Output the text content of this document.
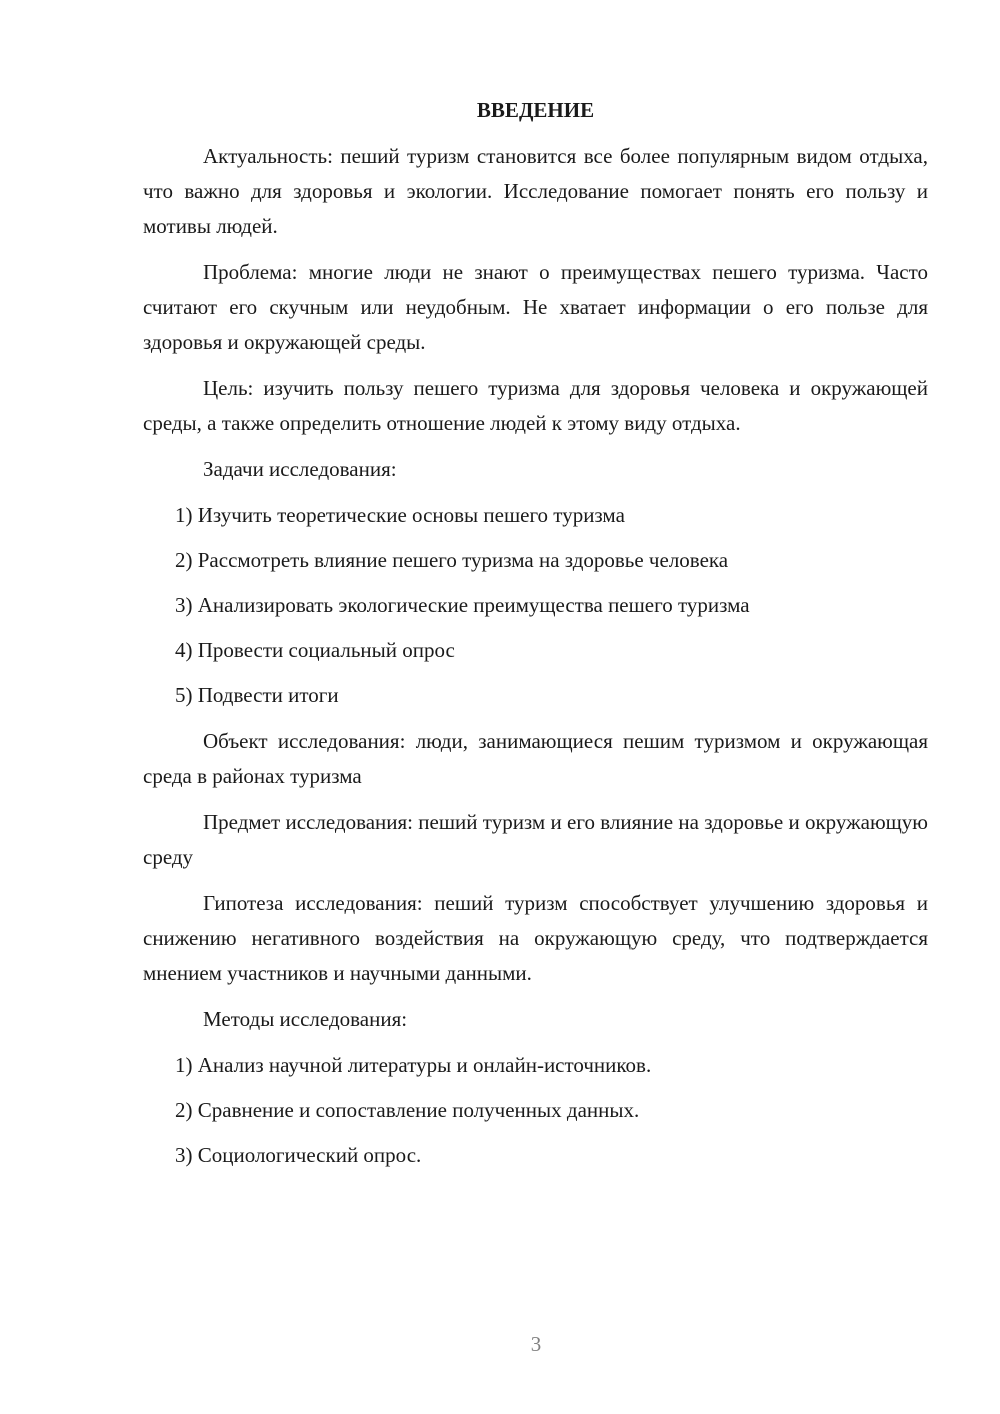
ВВЕДЕНИЕ

Актуальность: пеший туризм становится все более популярным видом отдыха, что важно для здоровья и экологии. Исследование помогает понять его пользу и мотивы людей.

Проблема: многие люди не знают о преимуществах пешего туризма. Часто считают его скучным или неудобным. Не хватает информации о его пользе для здоровья и окружающей среды.

Цель: изучить пользу пешего туризма для здоровья человека и окружающей среды, а также определить отношение людей к этому виду отдыха.

Задачи исследования:

1) Изучить теоретические основы пешего туризма
2) Рассмотреть влияние пешего туризма на здоровье человека
3) Анализировать экологические преимущества пешего туризма
4) Провести социальный опрос
5) Подвести итоги

Объект исследования: люди, занимающиеся пешим туризмом и окружающая среда в районах туризма

Предмет исследования: пеший туризм и его влияние на здоровье и окружающую среду

Гипотеза исследования: пеший туризм способствует улучшению здоровья и снижению негативного воздействия на окружающую среду, что подтверждается мнением участников и научными данными.

Методы исследования:

1) Анализ научной литературы и онлайн-источников.
2) Сравнение и сопоставление полученных данных.
3) Социологический опрос.
3
